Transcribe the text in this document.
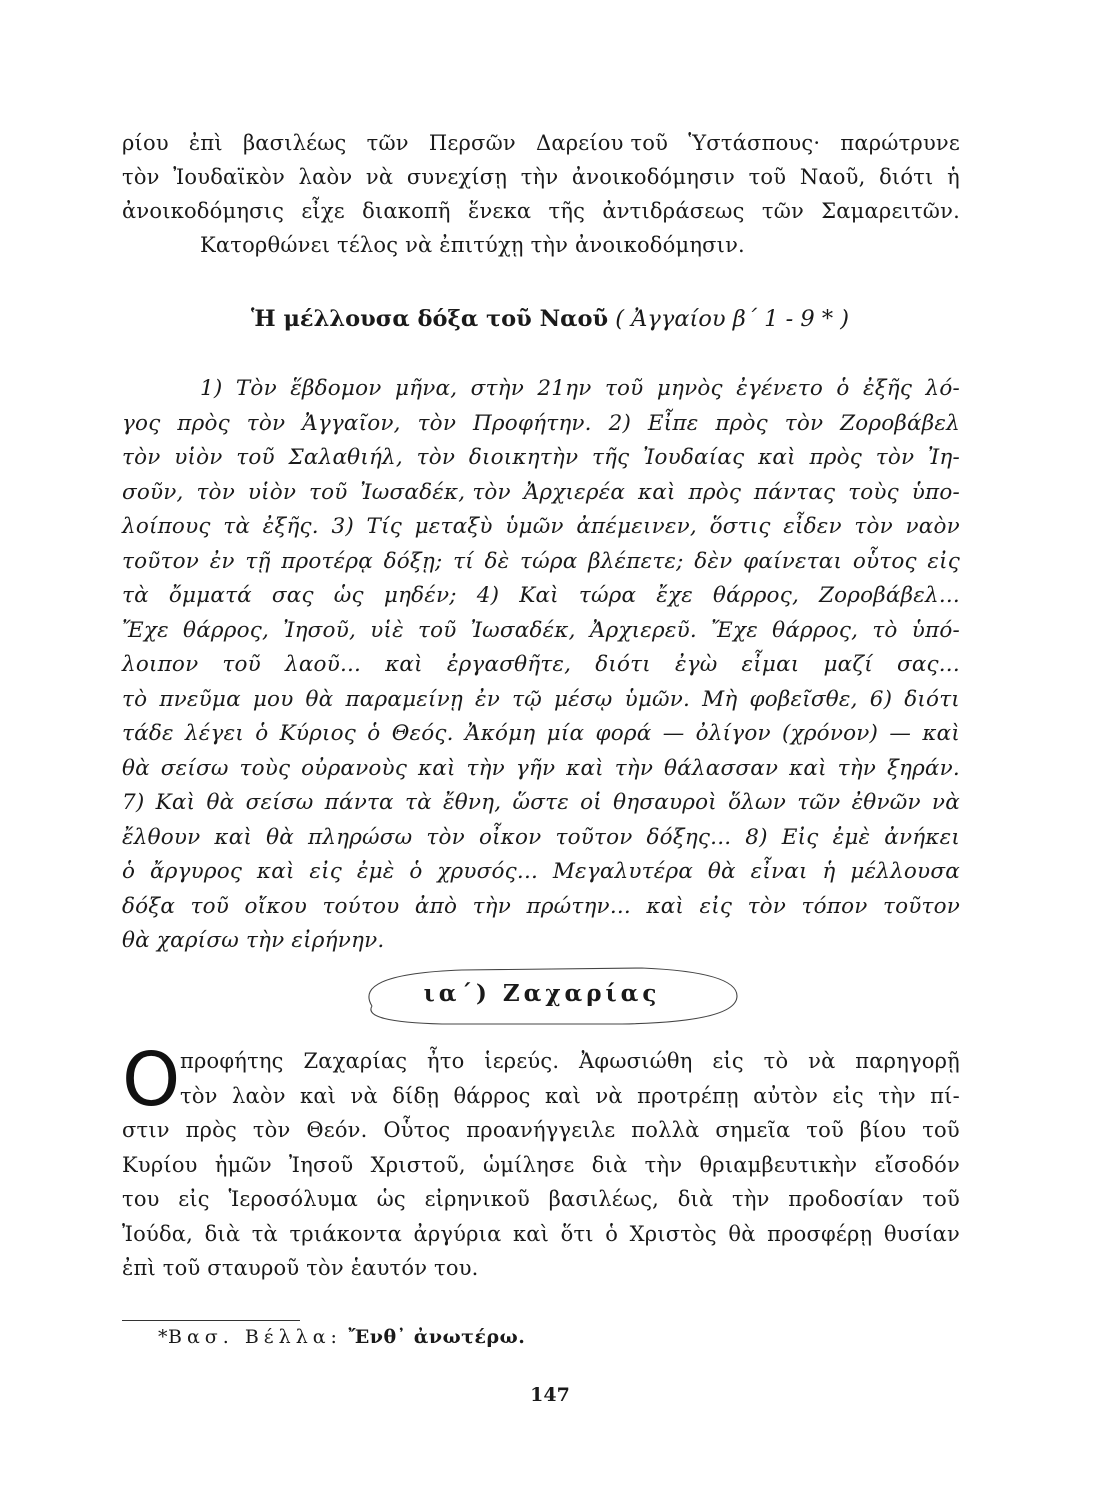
ρίου ἐπὶ βασιλέως τῶν Περσῶν Δαρείου τοῦ Ὑστάσπους· παρώτρυνε
τὸν Ἰουδαϊκὸν λαὸν νὰ συνεχίσῃ τὴν ἀνοικοδόμησιν τοῦ Ναοῦ, διότι ἡ
ἀνοικοδόμησις εἶχε διακοπῆ ἕνεκα τῆς ἀντιδράσεως τῶν Σαμαρειτῶν.
Κατορθώνει τέλος νὰ ἐπιτύχῃ τὴν ἀνοικοδόμησιν.
Ἡ μέλλουσα δόξα τοῦ Ναοῦ ( Ἀγγαίου β΄ 1 - 9 * )
1) Τὸν ἕβδομον μῆνα, στὴν 21ην τοῦ μηνὸς ἐγένετο ὁ ἐξῆς λό-
γος πρὸς τὸν Ἀγγαῖον, τὸν Προφήτην. 2) Εἶπε πρὸς τὸν Ζοροβάβελ
τὸν υἱὸν τοῦ Σαλαθιήλ, τὸν διοικητὴν τῆς Ἰουδαίας καὶ πρὸς τὸν Ἰη-
σοῦν, τὸν υἱὸν τοῦ Ἰωσαδέκ, τὸν Ἀρχιερέα καὶ πρὸς πάντας τοὺς ὑπο-
λοίπους τὰ ἐξῆς. 3) Τίς μεταξὺ ὑμῶν ἀπέμεινεν, ὅστις εἶδεν τὸν ναὸν
τοῦτον ἐν τῇ προτέρᾳ δόξῃ; τί δὲ τώρα βλέπετε; δὲν φαίνεται οὗτος εἰς
τὰ ὄμματά σας ὡς μηδέν; 4) Καὶ τώρα ἔχε θάρρος, Ζοροβάβελ...
Ἔχε θάρρος, Ἰησοῦ, υἱὲ τοῦ Ἰωσαδέκ, Ἀρχιερεῦ. Ἔχε θάρρος, τὸ ὑπό-
λοιπον τοῦ λαοῦ... καὶ ἐργασθῆτε, διότι ἐγὼ εἶμαι μαζί σας...
τὸ πνεῦμα μου θὰ παραμείνῃ ἐν τῷ μέσῳ ὑμῶν. Μὴ φοβεῖσθε, 6) διότι
τάδε λέγει ὁ Κύριος ὁ Θεός. Ἀκόμη μία φορά — ὀλίγον (χρόνον) — καὶ
θὰ σείσω τοὺς οὐρανοὺς καὶ τὴν γῆν καὶ τὴν θάλασσαν καὶ τὴν ξηράν.
7) Καὶ θὰ σείσω πάντα τὰ ἔθνη, ὥστε οἱ θησαυροὶ ὅλων τῶν ἐθνῶν νὰ
ἔλθουν καὶ θὰ πληρώσω τὸν οἶκον τοῦτον δόξης... 8) Εἰς ἐμὲ ἀνήκει
ὁ ἄργυρος καὶ εἰς ἐμὲ ὁ χρυσός... Μεγαλυτέρα θὰ εἶναι ἡ μέλλουσα
δόξα τοῦ οἴκου τούτου ἀπὸ τὴν πρώτην... καὶ εἰς τὸν τόπον τοῦτον
θὰ χαρίσω τὴν εἰρήνην.
ια΄) Ζαχαρίας
Ο προφήτης Ζαχαρίας ἦτο ἱερεύς. Ἀφωσιώθη εἰς τὸ νὰ παρηγορῇ
τὸν λαὸν καὶ νὰ δίδῃ θάρρος καὶ νὰ προτρέπῃ αὐτὸν εἰς τὴν πί-
στιν πρὸς τὸν Θεόν. Οὗτος προανήγγειλε πολλὰ σημεῖα τοῦ βίου τοῦ
Κυρίου ἡμῶν Ἰησοῦ Χριστοῦ, ὡμίλησε διὰ τὴν θριαμβευτικὴν εἴσοδόν
του εἰς Ἱεροσόλυμα ὡς εἰρηνικοῦ βασιλέως, διὰ τὴν προδοσίαν τοῦ
Ἰούδα, διὰ τὰ τριάκοντα ἀργύρια καὶ ὅτι ὁ Χριστὸς θὰ προσφέρῃ θυσίαν
ἐπὶ τοῦ σταυροῦ τὸν ἑαυτόν του.
*Βασ. Βέλλα: Ἔνθ᾽ ἀνωτέρω.
147
